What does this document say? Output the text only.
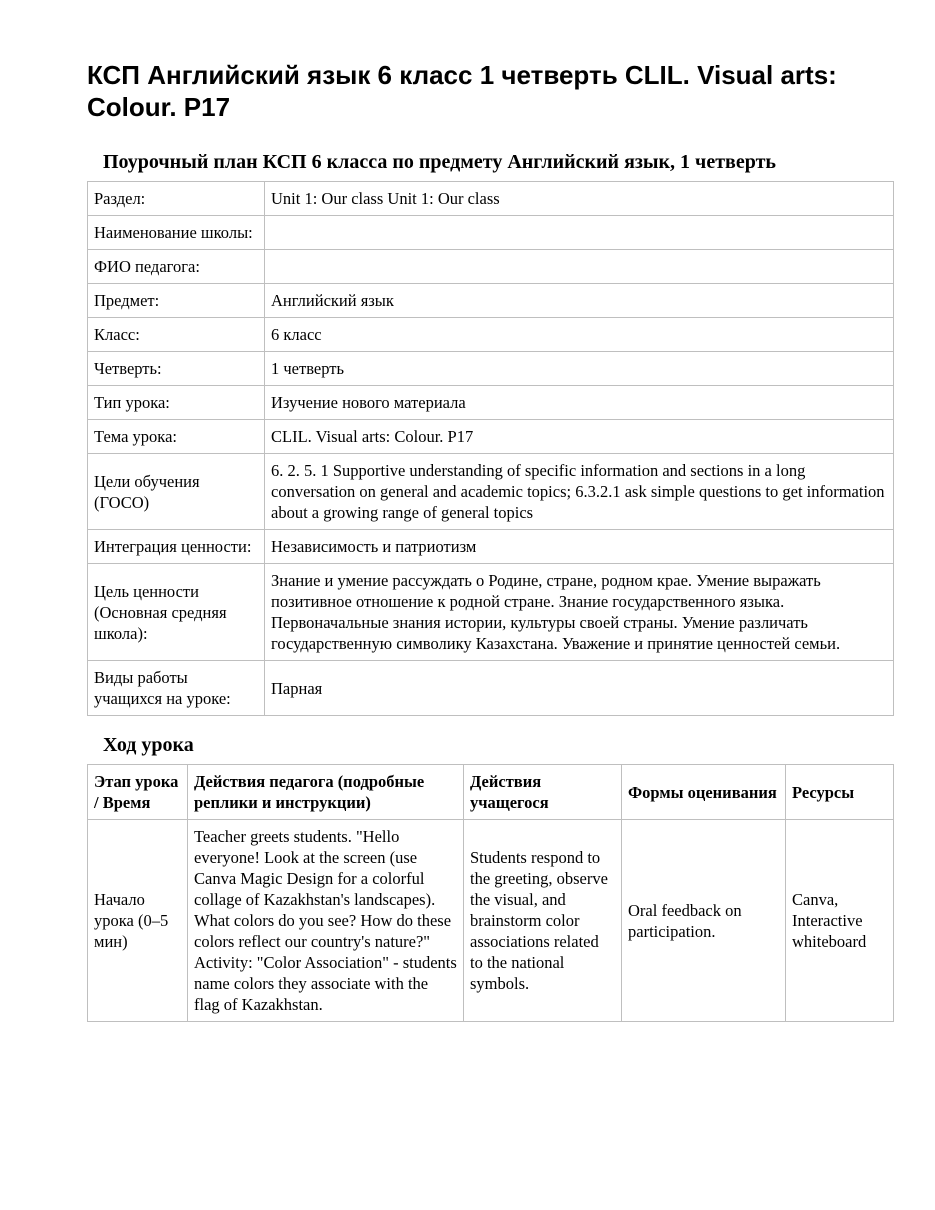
КСП Английский язык 6 класс 1 четверть CLIL. Visual arts: Colour. P17
Поурочный план КСП 6 класса по предмету Английский язык, 1 четверть
Раздел:	Unit 1: Our class Unit 1: Our class
Наименование школы:	
ФИО педагога:	
Предмет:	Английский язык
Класс:	6 класс
Четверть:	1 четверть
Тип урока:	Изучение нового материала
Тема урока:	CLIL. Visual arts: Colour. P17
Цели обучения (ГОСО)	6. 2. 5. 1 Supportive understanding of specific information and sections in a long conversation on general and academic topics; 6.3.2.1 ask simple questions to get information about a growing range of general topics
Интеграция ценности:	Независимость и патриотизм
Цель ценности (Основная средняя школа):	Знание и умение рассуждать о Родине, стране, родном крае. Умение выражать позитивное отношение к родной стране. Знание государственного языка. Первоначальные знания истории, культуры своей страны. Умение различать государственную символику Казахстана. Уважение и принятие ценностей семьи.
Виды работы учащихся на уроке:	Парная
Ход урока
Этап урока / Время	Действия педагога (подробные реплики и инструкции)	Действия учащегося	Формы оценивания	Ресурсы
Начало урока (0–5 мин)	Teacher greets students. "Hello everyone! Look at the screen (use Canva Magic Design for a colorful collage of Kazakhstan's landscapes). What colors do you see? How do these colors reflect our country's nature?" Activity: "Color Association" - students name colors they associate with the flag of Kazakhstan.	Students respond to the greeting, observe the visual, and brainstorm color associations related to the national symbols.	Oral feedback on participation.	Canva, Interactive whiteboard
